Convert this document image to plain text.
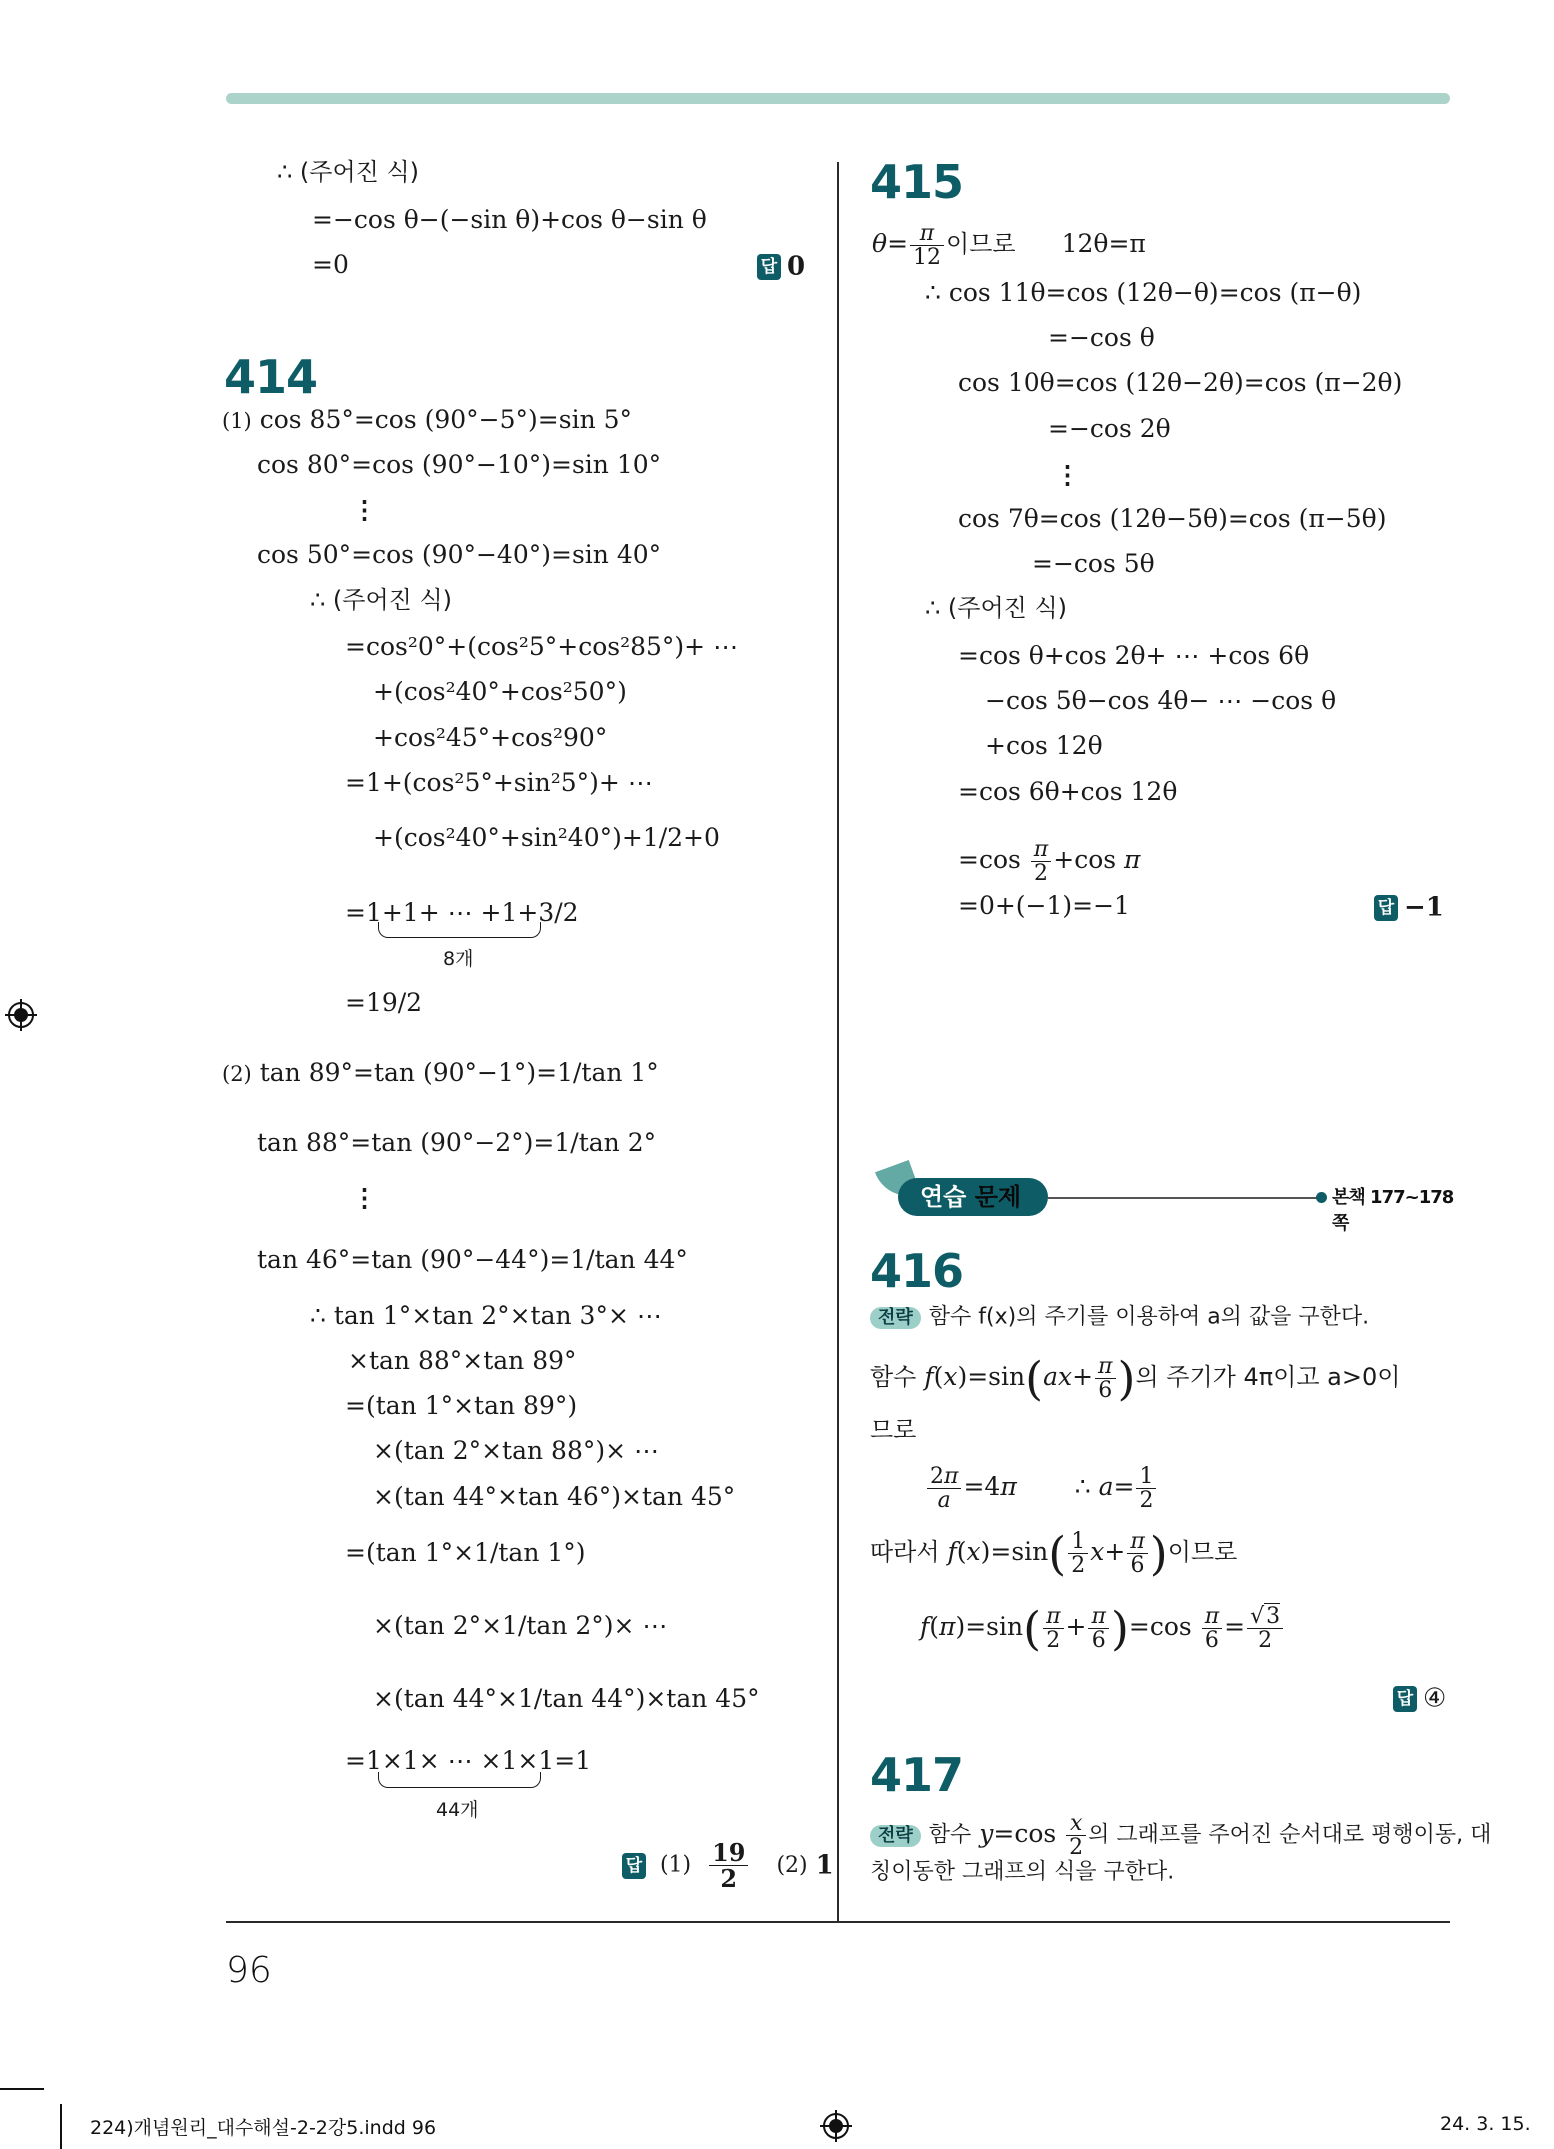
∴ (주어진 식)
=−cos θ−(−sin θ)+cos θ−sin θ
=0	답 0
414
(1) cos 85°=cos (90°−5°)=sin 5°
cos 80°=cos (90°−10°)=sin 10°
⋮
cos 50°=cos (90°−40°)=sin 40°
∴ (주어진 식)
=cos²0°+(cos²5°+cos²85°)+ ⋯
+(cos²40°+cos²50°)
+cos²45°+cos²90°
=1+(cos²5°+sin²5°)+ ⋯
+(cos²40°+sin²40°)+1/2+0
=1+1+ ⋯ +1+3/2
8개
=19/2
(2) tan 89°=tan (90°−1°)=1/tan 1°
tan 88°=tan (90°−2°)=1/tan 2°
⋮
tan 46°=tan (90°−44°)=1/tan 44°
∴ tan 1°×tan 2°×tan 3°× ⋯
×tan 88°×tan 89°
=(tan 1°×tan 89°)
×(tan 2°×tan 88°)× ⋯
×(tan 44°×tan 46°)×tan 45°
=(tan 1°×1/tan 1°)
×(tan 2°×1/tan 2°)× ⋯
×(tan 44°×1/tan 44°)×tan 45°
=1×1× ⋯ ×1×1=1
44개
답 $(1) \frac{19}{2} (2)$ 1
415
$\theta= \frac{\pi}{12}$ 이므로 12θ=π
∴ cos 11θ=cos (12θ−θ)=cos (π−θ)
=−cos θ
cos 10θ=cos (12θ−2θ)=cos (π−2θ)
=−cos 2θ
⋮
cos 7θ=cos (12θ−5θ)=cos (π−5θ)
=−cos 5θ
∴ (주어진 식)
=cos θ+cos 2θ+ ⋯ +cos 6θ
−cos 5θ−cos 4θ− ⋯ −cos θ
+cos 12θ
=cos 6θ+cos 12θ
$=\cos \frac{\pi}{2} +\cos$ π
=0+(−1)=−1	답 −1
연습 문제	본책 177~178쪽
416
전략 함수 f(x)의 주기를 이용하여 a의 값을 구한다.
함수 $f(x)=\sin(ax+ \frac{\pi}{6}$ )의 주기가 4π이고 a>0이
므로
$\frac{2\pi}{a} =4\pi$ ∴ $a= \frac{1}{2}$
따라서 $f(x)=\sin( \frac{1}{2} x+ \frac{\pi}{6}$ )이므로
$f(\pi)=\sin( \frac{\pi}{2} + \frac{\pi}{6} )=\cos \frac{\pi}{6} = \frac{√3}{2}$
답 ④
417
전략 함수 $y=\cos \frac{x}{2}$ 의 그래프를 주어진 순서대로 평행이동, 대
칭이동한 그래프의 식을 구한다.
96
224)개념원리_대수해설-2-2강5.indd 96	24. 3. 15.
